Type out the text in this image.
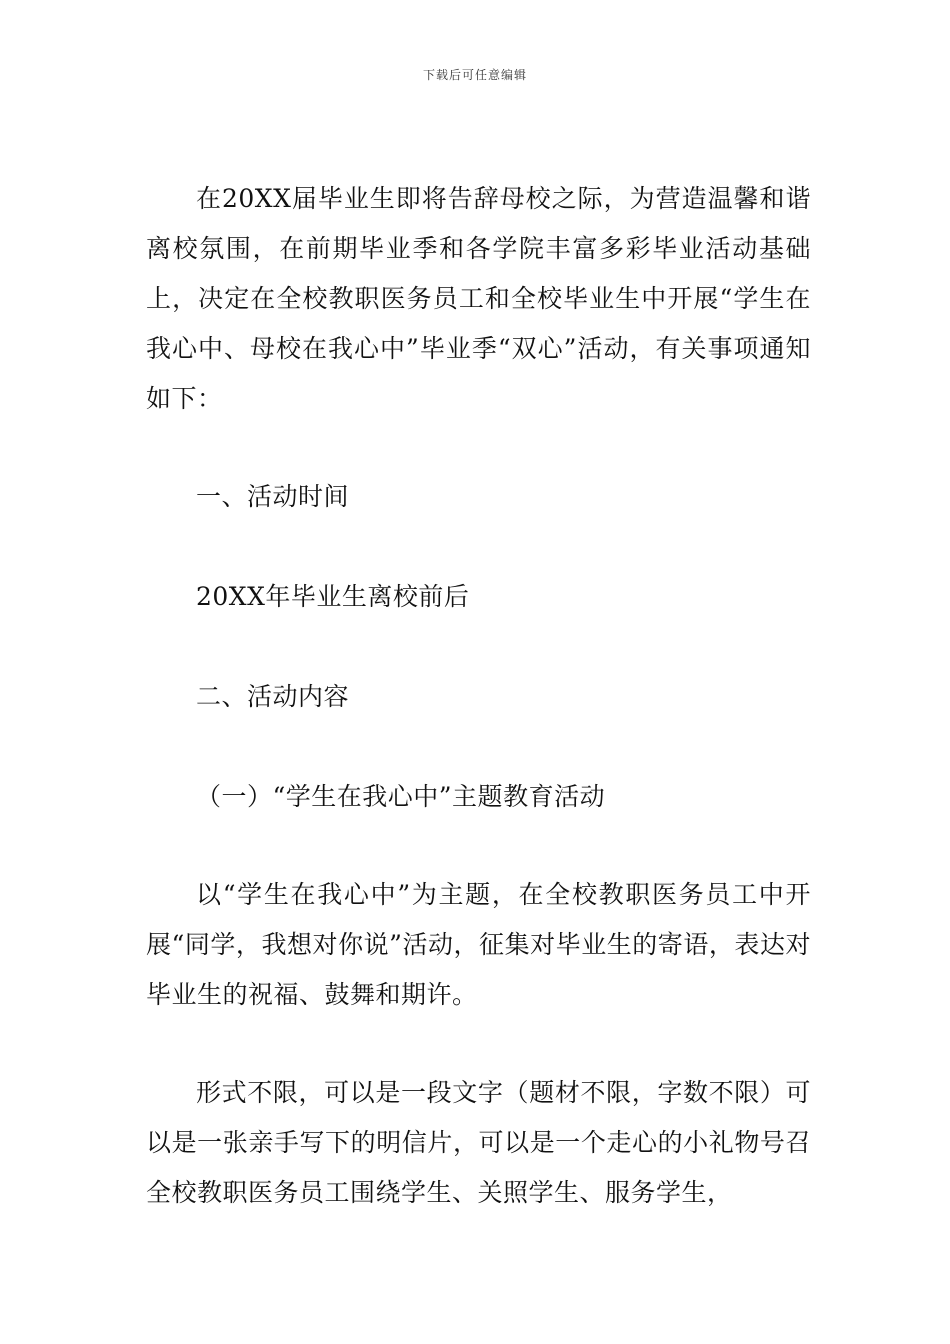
下载后可任意编辑

在20XX届毕业生即将告辞母校之际，为营造温馨和谐离校氛围，在前期毕业季和各学院丰富多彩毕业活动基础上，决定在全校教职医务员工和全校毕业生中开展“学生在我心中、母校在我心中”毕业季“双心”活动，有关事项通知如下：

一、活动时间

20XX年毕业生离校前后

二、活动内容

（一）“学生在我心中”主题教育活动

以“学生在我心中”为主题，在全校教职医务员工中开展“同学，我想对你说”活动，征集对毕业生的寄语，表达对毕业生的祝福、鼓舞和期许。

形式不限，可以是一段文字（题材不限，字数不限）可以是一张亲手写下的明信片，可以是一个走心的小礼物号召全校教职医务员工围绕学生、关照学生、服务学生，
